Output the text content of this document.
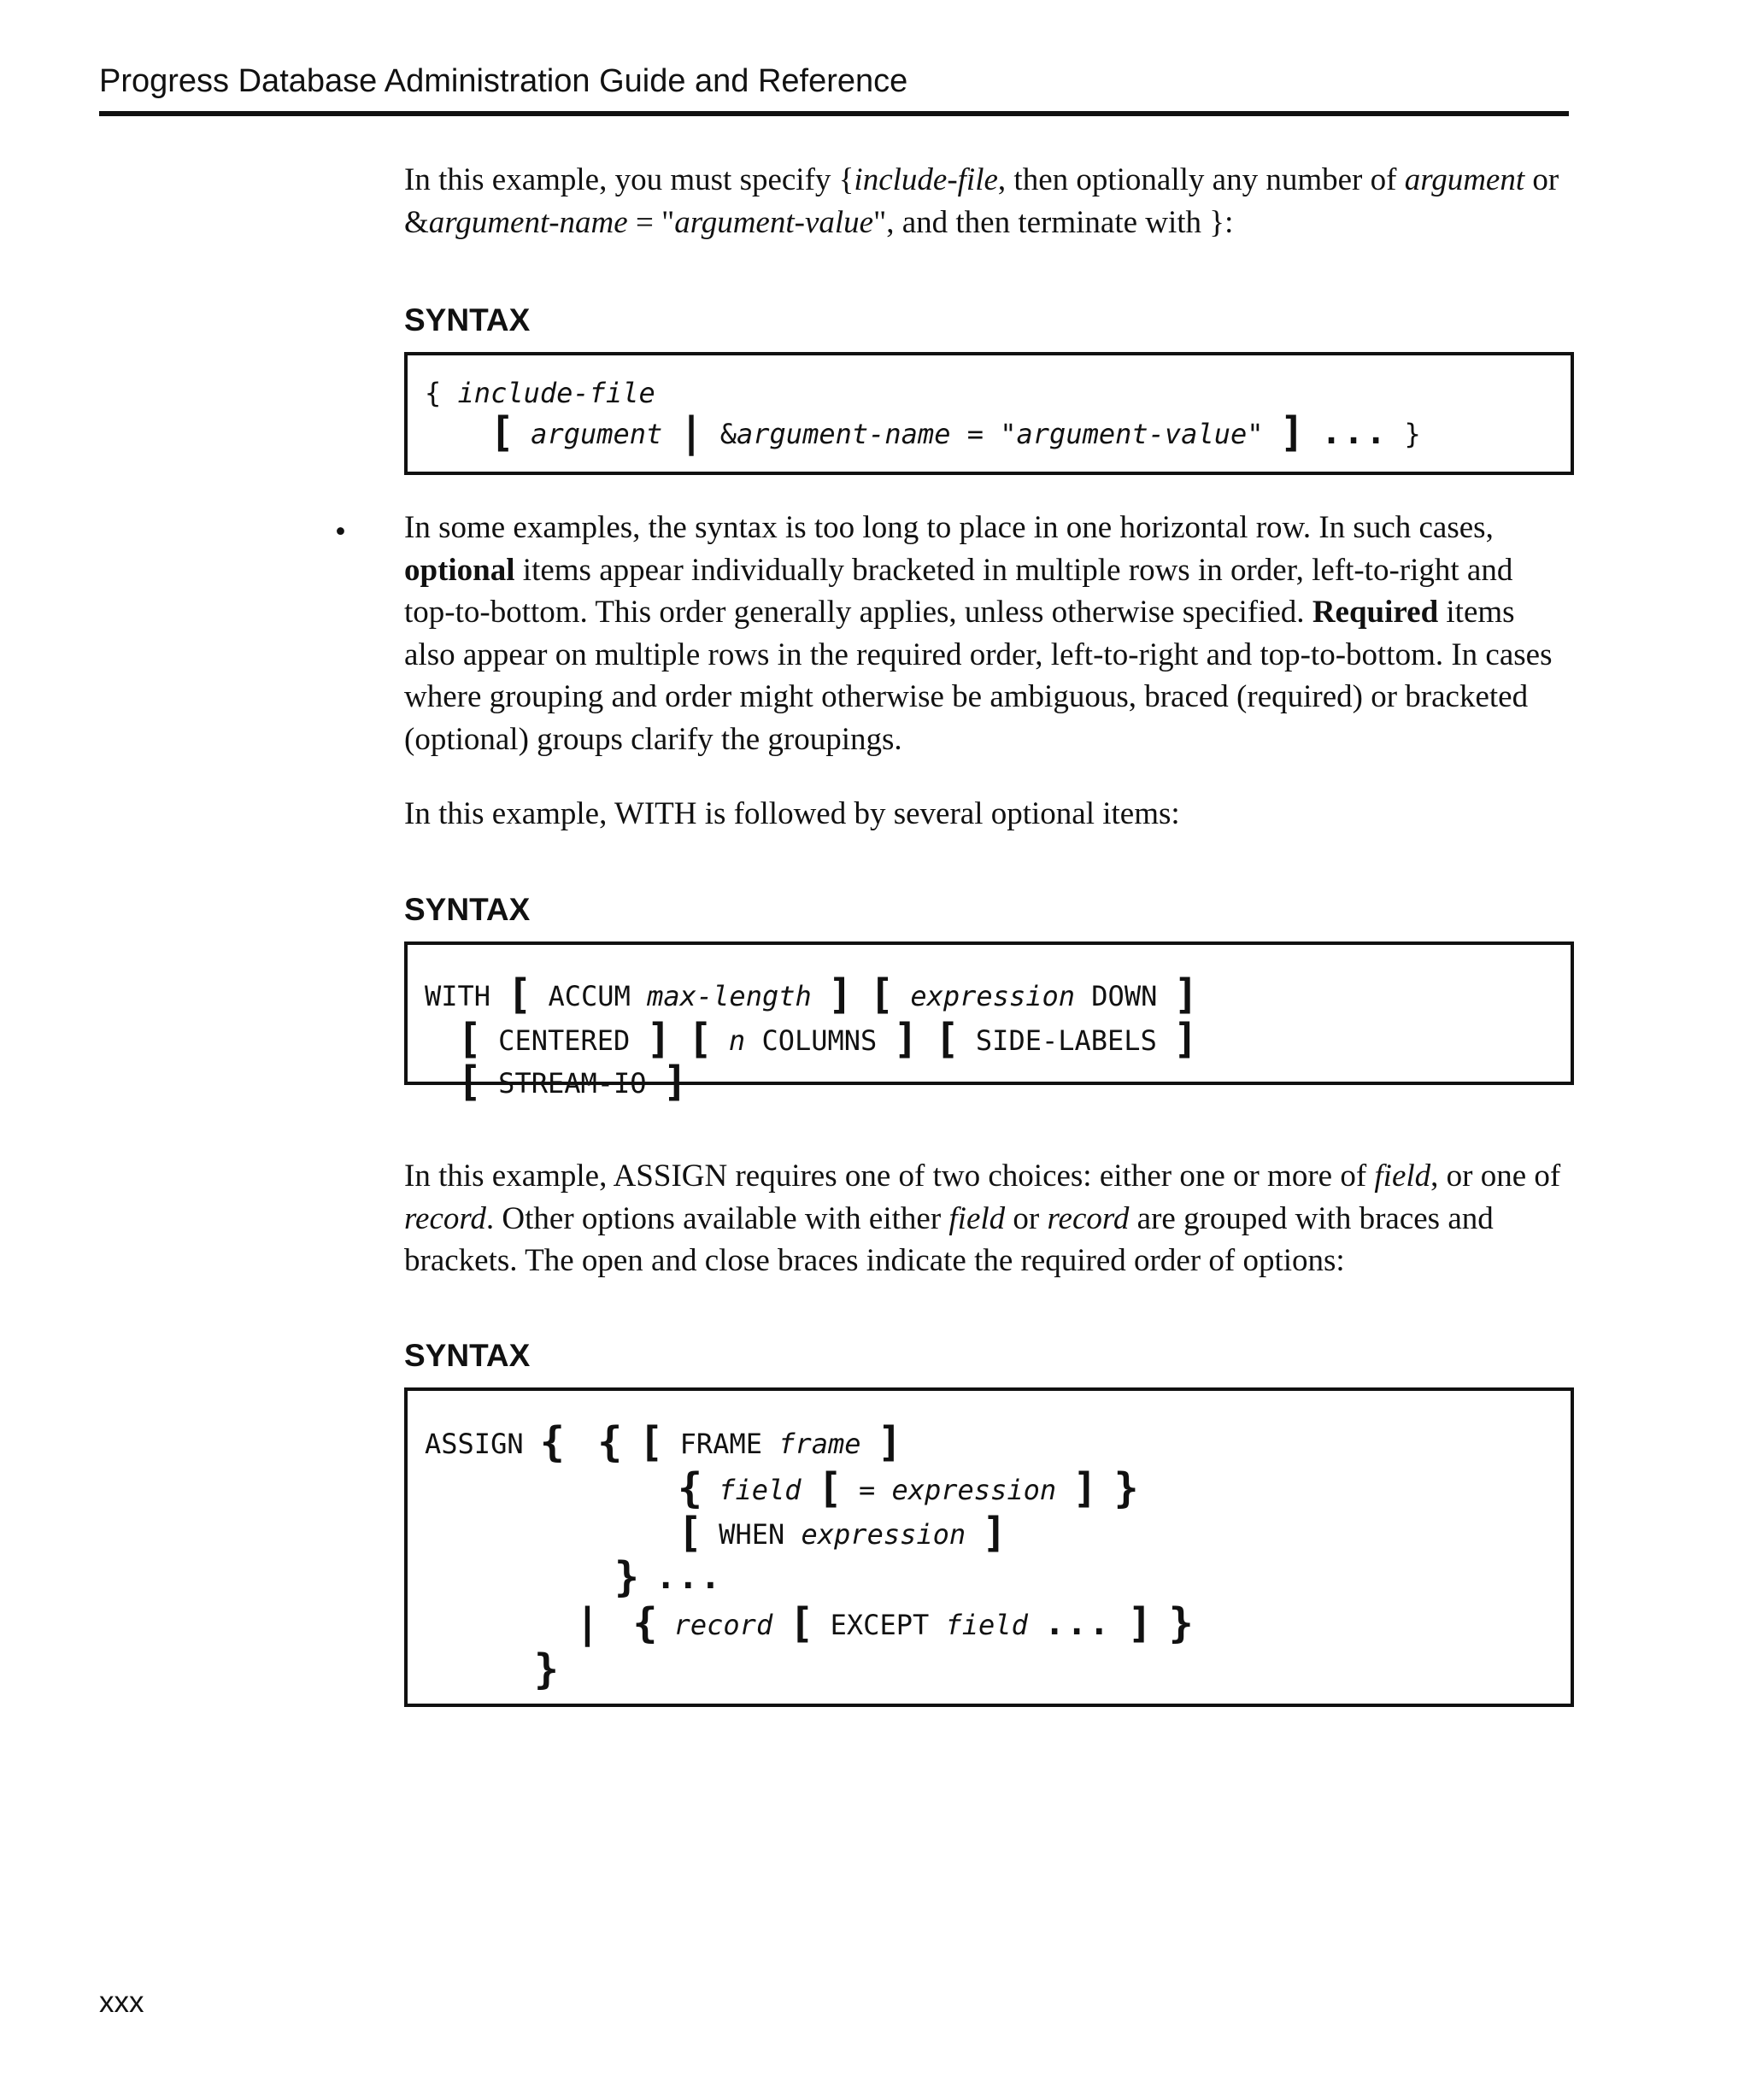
Progress Database Administration Guide and Reference

In this example, you must specify {include-file, then optionally any number of argument or &argument-name = "argument-value", and then terminate with }:

SYNTAX
{ include-file
[ argument | &argument-name = "argument-value" ] ... }
• In some examples, the syntax is too long to place in one horizontal row. In such cases, optional items appear individually bracketed in multiple rows in order, left-to-right and top-to-bottom. This order generally applies, unless otherwise specified. Required items also appear on multiple rows in the required order, left-to-right and top-to-bottom. In cases where grouping and order might otherwise be ambiguous, braced (required) or bracketed (optional) groups clarify the groupings.

In this example, WITH is followed by several optional items:

SYNTAX
WITH [ ACCUM max-length ] [ expression DOWN ]
[ CENTERED ] [ n COLUMNS ] [ SIDE-LABELS ]
[ STREAM-IO ]

In this example, ASSIGN requires one of two choices: either one or more of field, or one of record. Other options available with either field or record are grouped with braces and brackets. The open and close braces indicate the required order of options:

SYNTAX
ASSIGN { { [ FRAME frame ]
{ field [ = expression ] }
[ WHEN expression ]
} ...
| { record [ EXCEPT field ... ] }
}
xxx
